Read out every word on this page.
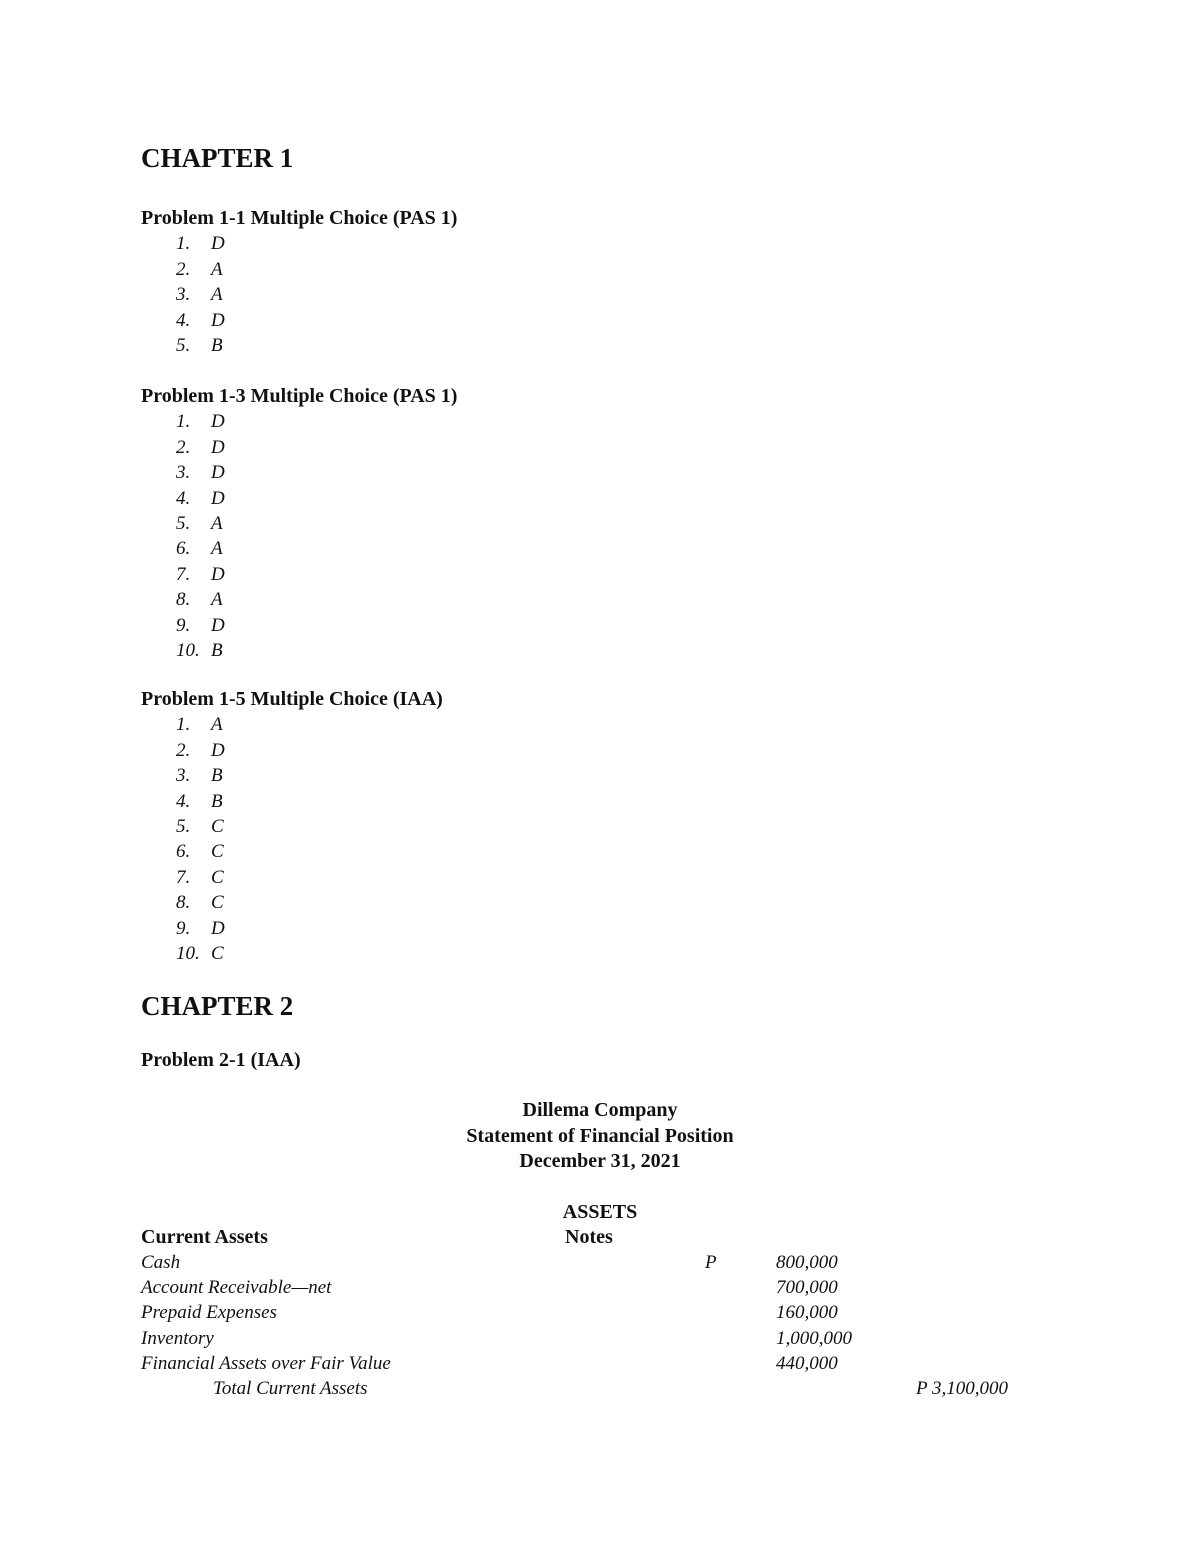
CHAPTER 1
Problem 1-1 Multiple Choice (PAS 1)
1. D
2. A
3. A
4. D
5. B
Problem 1-3 Multiple Choice (PAS 1)
1. D
2. D
3. D
4. D
5. A
6. A
7. D
8. A
9. D
10. B
Problem 1-5 Multiple Choice (IAA)
1. A
2. D
3. B
4. B
5. C
6. C
7. C
8. C
9. D
10. C
CHAPTER 2
Problem 2-1 (IAA)
Dillema Company
Statement of Financial Position
December 31, 2021
ASSETS
Current Assets	Notes
Cash	P	800,000
Account Receivable—net	700,000
Prepaid Expenses	160,000
Inventory	1,000,000
Financial Assets over Fair Value	440,000
Total Current Assets	P 3,100,000
